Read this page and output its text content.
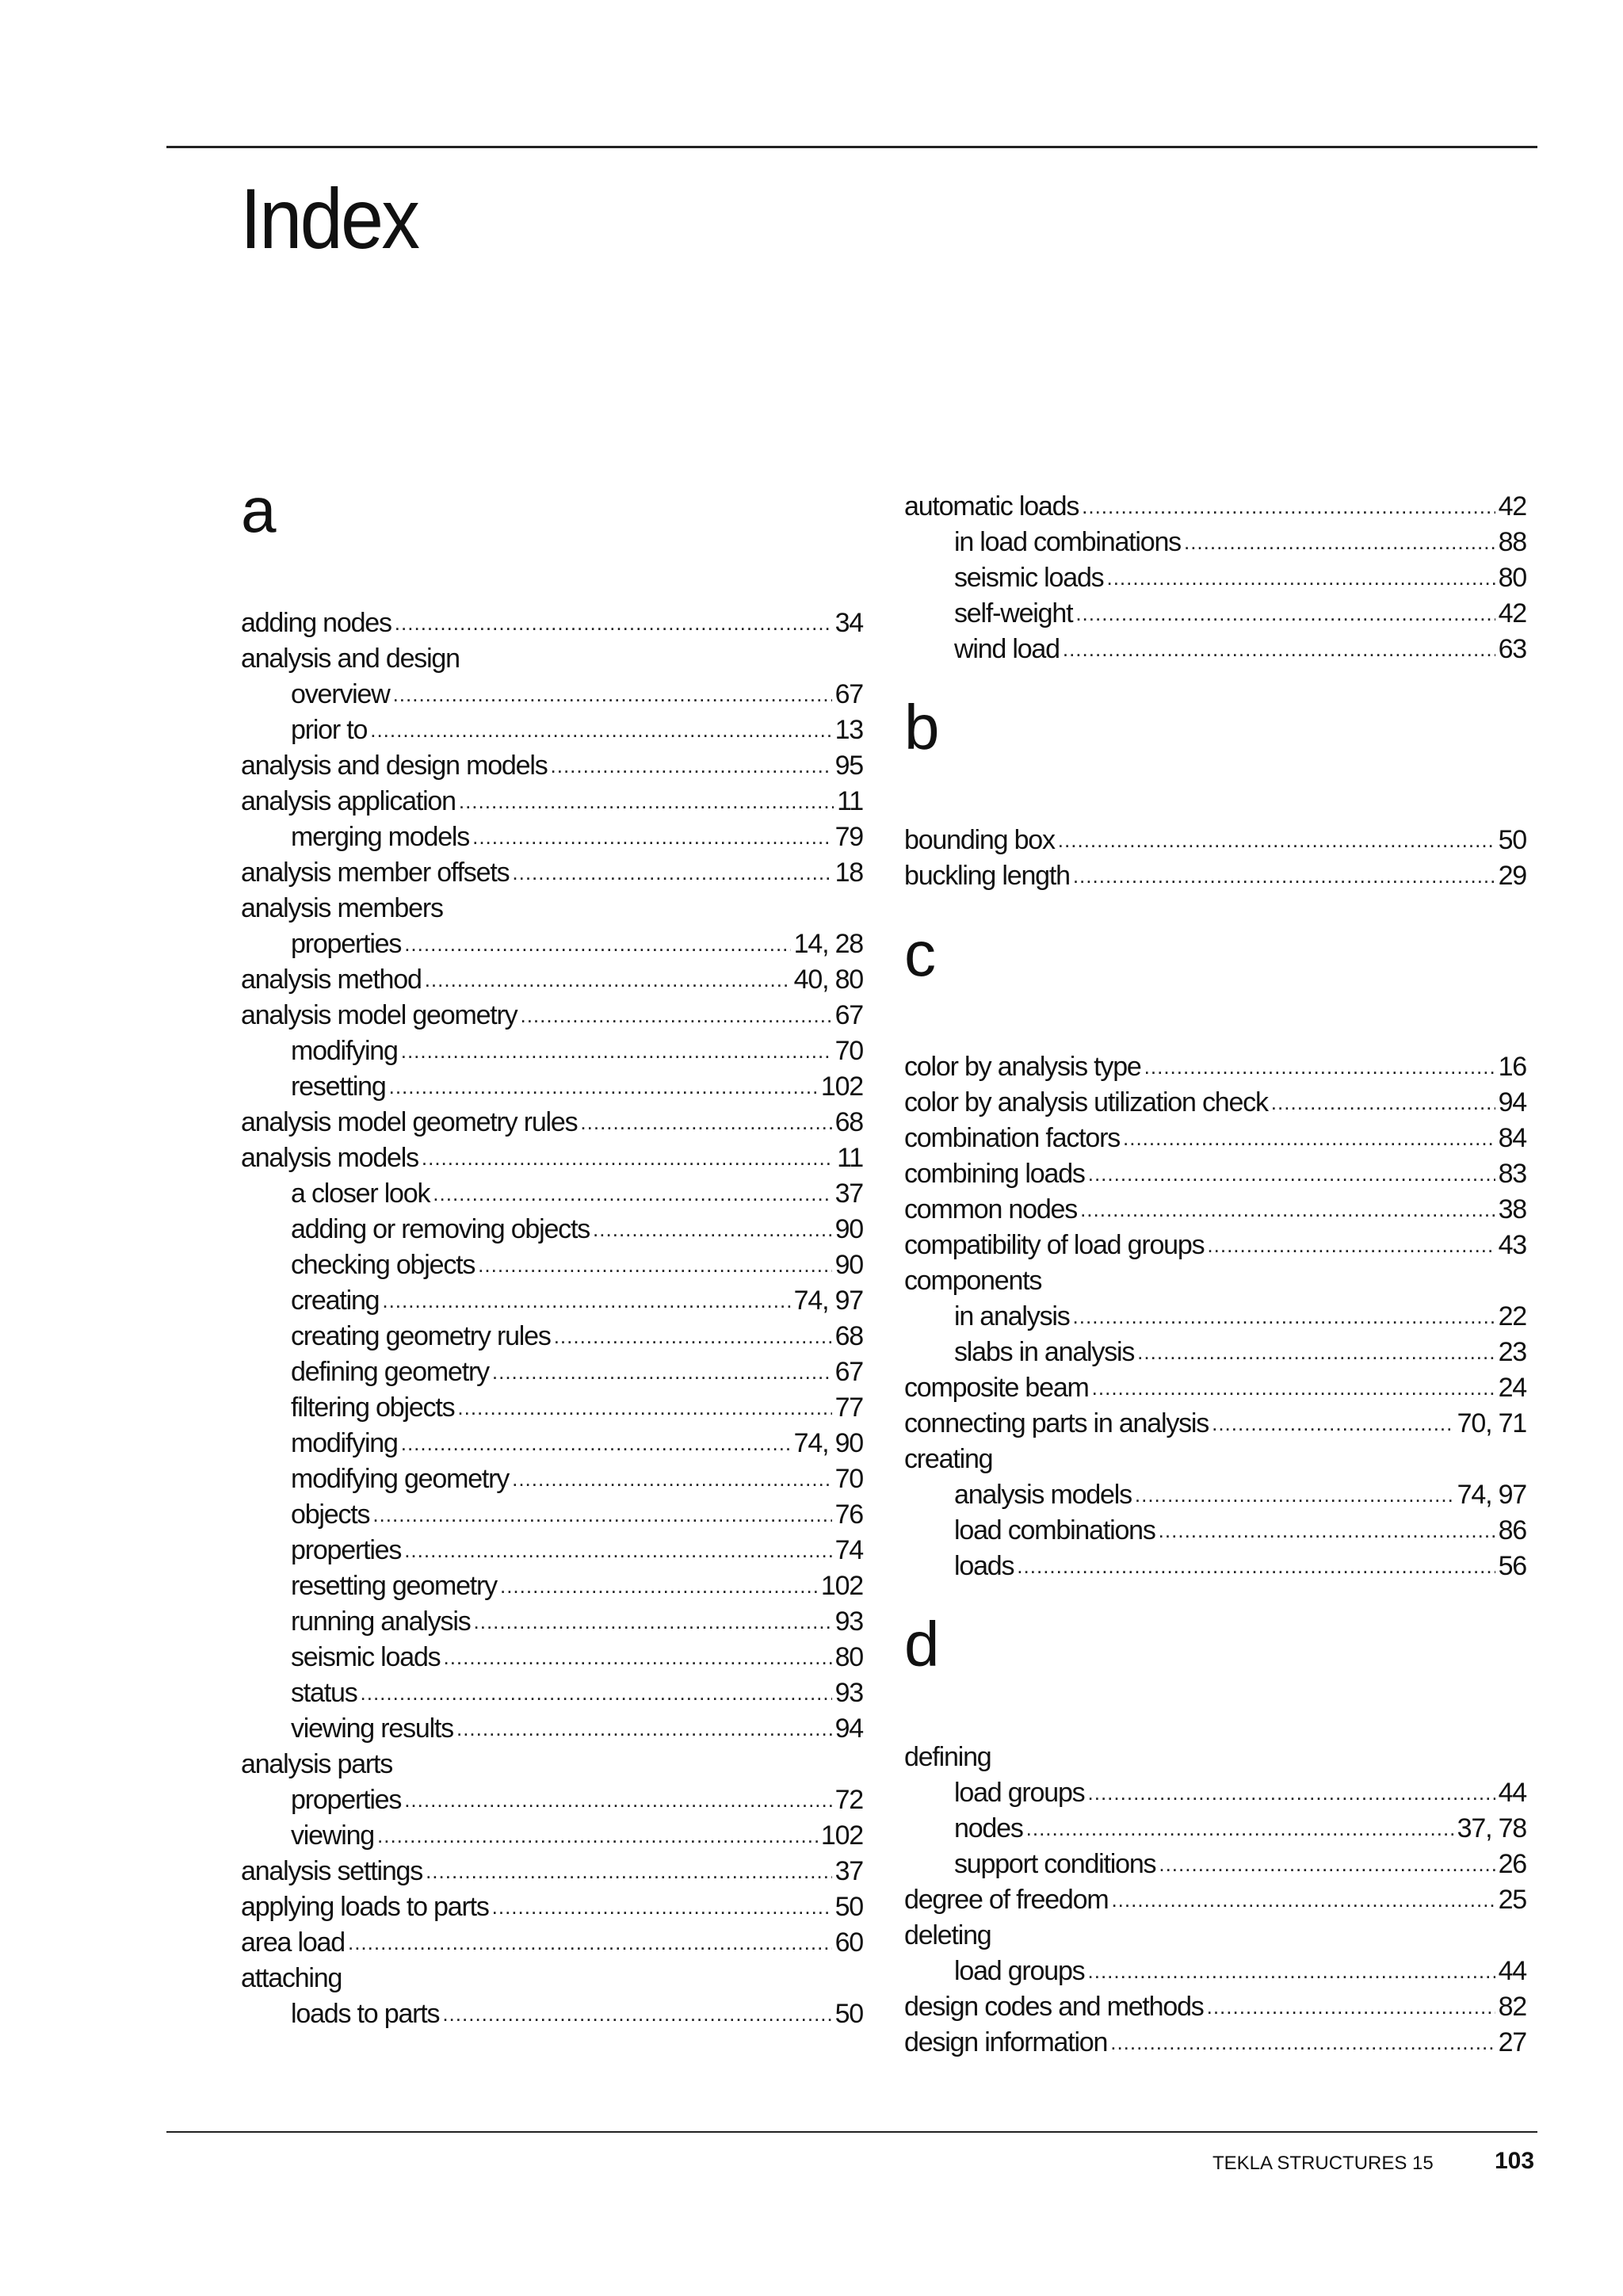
Index
a
adding nodes .....	34
analysis and design
overview .....	67
prior to .....	13
analysis and design models .....	95
analysis application .....	11
merging models .....	79
analysis member offsets .....	18
analysis members
properties .....	14, 28
analysis method .....	40, 80
analysis model geometry .....	67
modifying .....	70
resetting .....	102
analysis model geometry rules .....	68
analysis models .....	11
a closer look .....	37
adding or removing objects .....	90
checking objects .....	90
creating .....	74, 97
creating geometry rules .....	68
defining geometry .....	67
filtering objects .....	77
modifying .....	74, 90
modifying geometry .....	70
objects .....	76
properties .....	74
resetting geometry .....	102
running analysis .....	93
seismic loads .....	80
status .....	93
viewing results .....	94
analysis parts
properties .....	72
viewing .....	102
analysis settings .....	37
applying loads to parts .....	50
area load .....	60
attaching
loads to parts .....	50
automatic loads .....	42
in load combinations .....	88
seismic loads .....	80
self-weight .....	42
wind load .....	63
b
bounding box .....	50
buckling length .....	29
c
color by analysis type .....	16
color by analysis utilization check .....	94
combination factors .....	84
combining loads .....	83
common nodes .....	38
compatibility of load groups .....	43
components
in analysis .....	22
slabs in analysis .....	23
composite beam .....	24
connecting parts in analysis .....	70, 71
creating
analysis models .....	74, 97
load combinations .....	86
loads .....	56
d
defining
load groups .....	44
nodes .....	37, 78
support conditions .....	26
degree of freedom .....	25
deleting
load groups .....	44
design codes and methods .....	82
design information .....	27
TEKLA STRUCTURES 15	103
